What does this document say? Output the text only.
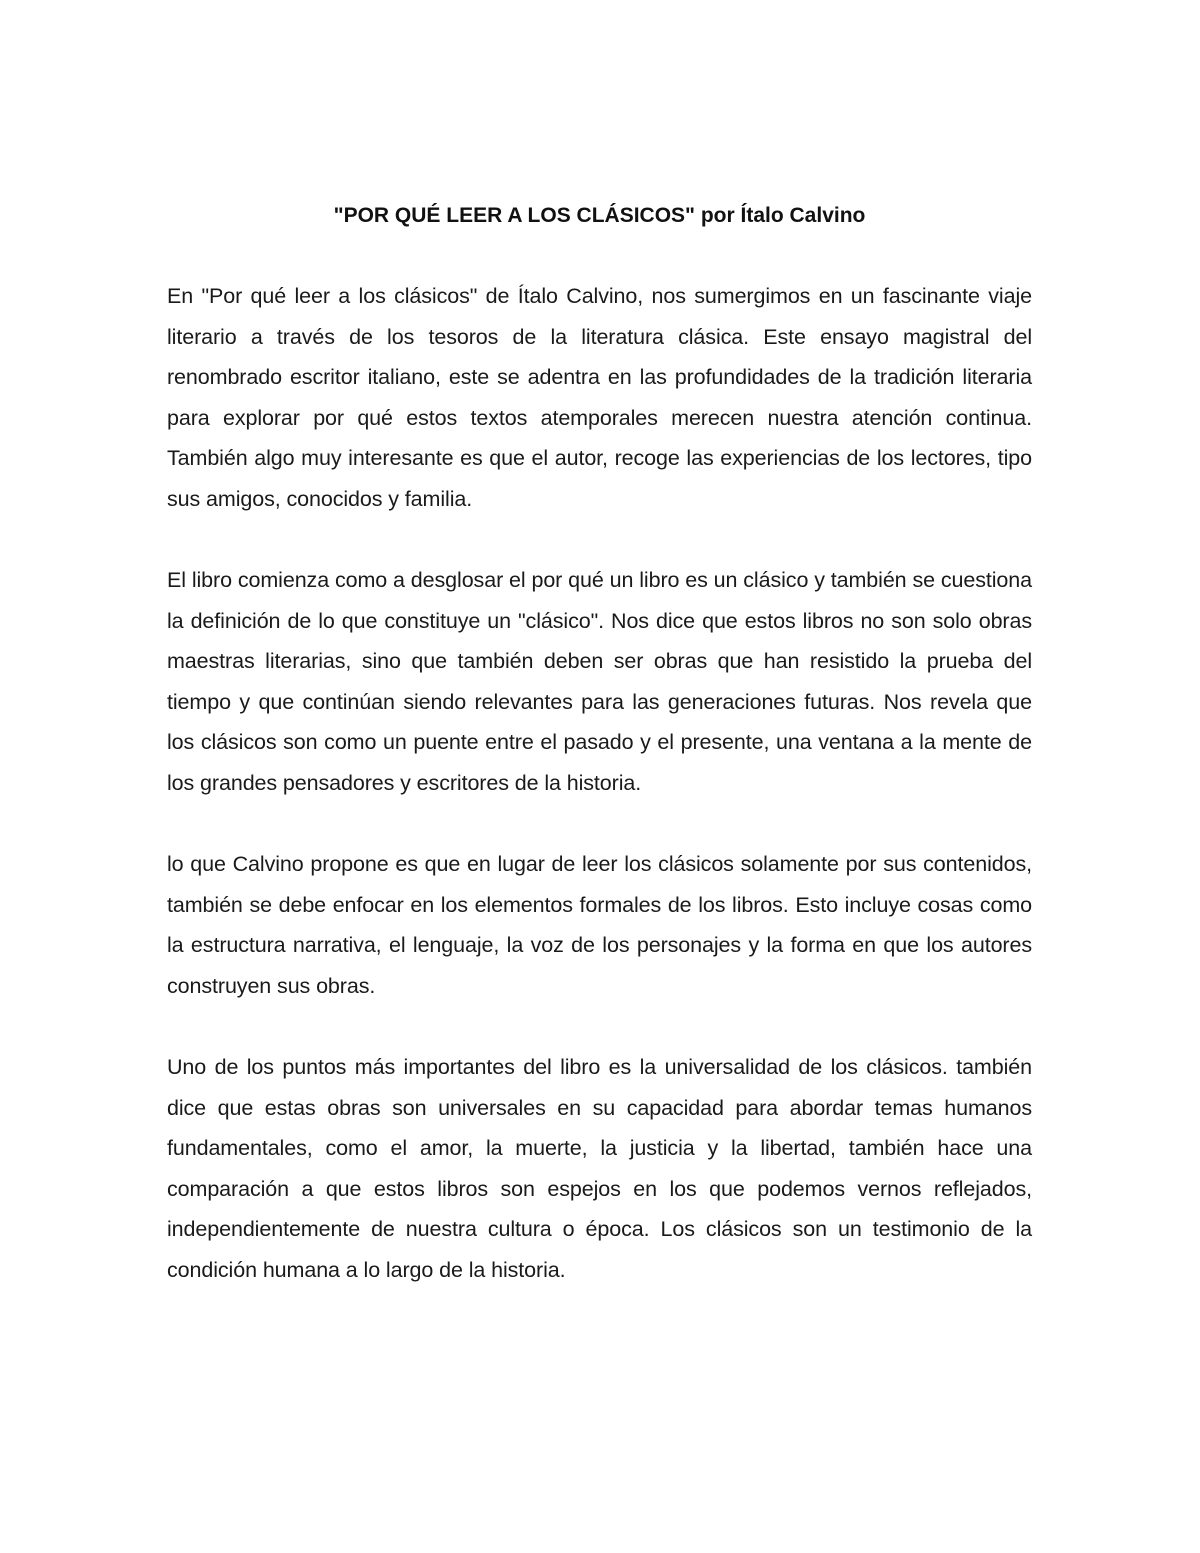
"POR QUÉ LEER A LOS CLÁSICOS" por Ítalo Calvino

En "Por qué leer a los clásicos" de Ítalo Calvino, nos sumergimos en un fascinante viaje literario a través de los tesoros de la literatura clásica. Este ensayo magistral del renombrado escritor italiano, este se adentra en las profundidades de la tradición literaria para explorar por qué estos textos atemporales merecen nuestra atención continua. También algo muy interesante es que el autor, recoge las experiencias de los lectores, tipo sus amigos, conocidos y familia.

El libro comienza como a desglosar el por qué un libro es un clásico y también se cuestiona la definición de lo que constituye un "clásico". Nos dice que estos libros no son solo obras maestras literarias, sino que también deben ser obras que han resistido la prueba del tiempo y que continúan siendo relevantes para las generaciones futuras. Nos revela que los clásicos son como un puente entre el pasado y el presente, una ventana a la mente de los grandes pensadores y escritores de la historia.

lo que Calvino propone es que en lugar de leer los clásicos solamente por sus contenidos, también se debe enfocar en los elementos formales de los libros. Esto incluye cosas como la estructura narrativa, el lenguaje, la voz de los personajes y la forma en que los autores construyen sus obras.

Uno de los puntos más importantes del libro es la universalidad de los clásicos. también dice que estas obras son universales en su capacidad para abordar temas humanos fundamentales, como el amor, la muerte, la justicia y la libertad, también hace una comparación a que estos libros son espejos en los que podemos vernos reflejados, independientemente de nuestra cultura o época. Los clásicos son un testimonio de la condición humana a lo largo de la historia.
